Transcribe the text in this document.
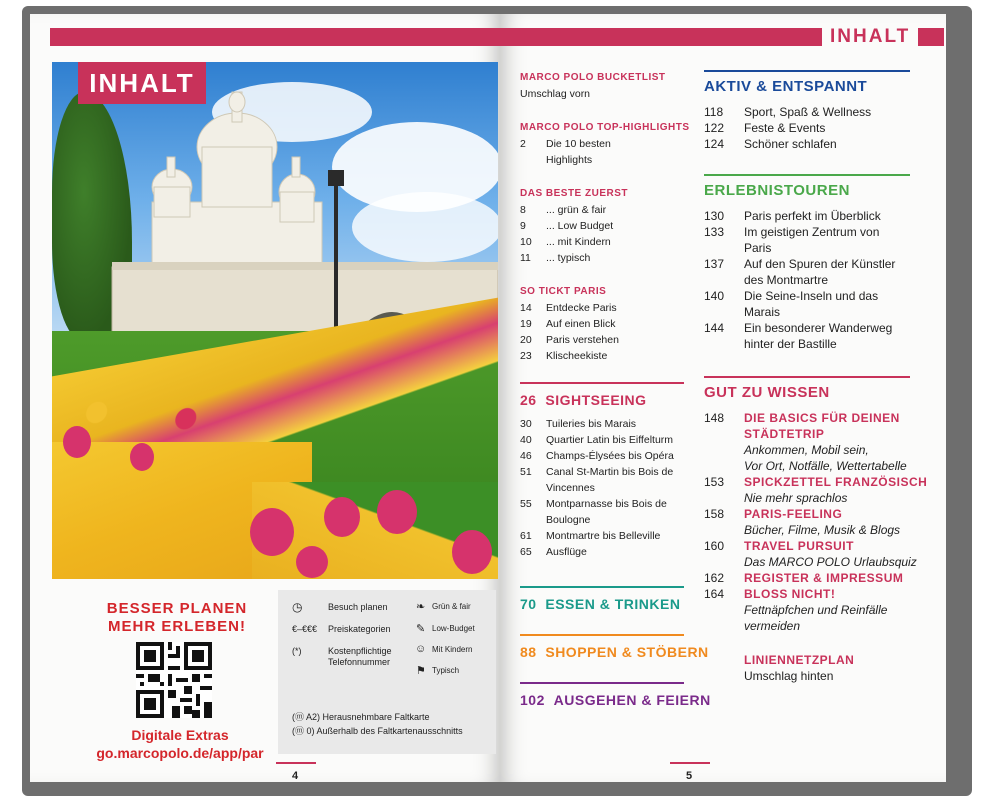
INHALT
BESSER PLANEN
MEHR ERLEBEN!
Digitale Extras
go.marcopolo.de/app/par
◷	Besuch planen
€–€€€ Preiskategorien
(*)	Kostenpflichtige Telefonnummer
❧ Grün & fair
✎ Low-Budget
☺ Mit Kindern
⚑ Typisch
(ⓜ A2) Herausnehmbare Faltkarte
(ⓜ 0) Außerhalb des Faltkartenausschnitts
4
INHALT
MARCO POLO BUCKETLIST
Umschlag vorn
MARCO POLO TOP-HIGHLIGHTS
2 Die 10 besten
Highlights
DAS BESTE ZUERST
8 ... grün & fair
9 ... Low Budget
10 ... mit Kindern
11 ... typisch
SO TICKT PARIS
14 Entdecke Paris
19 Auf einen Blick
20 Paris verstehen
23 Klischeekiste
26 SIGHTSEEING
30 Tuileries bis Marais
40 Quartier Latin bis Eiffelturm
46 Champs-Élysées bis Opéra
51 Canal St-Martin bis Bois de
Vincennes
55 Montparnasse bis Bois de
Boulogne
61 Montmartre bis Belleville
65 Ausflüge
70 ESSEN & TRINKEN
88 SHOPPEN & STÖBERN
102 AUSGEHEN & FEIERN
AKTIV & ENTSPANNT
118	Sport, Spaß & Wellness
122	Feste & Events
124	Schöner schlafen
ERLEBNISTOUREN
130	Paris perfekt im Überblick
133	Im geistigen Zentrum von
Paris
137	Auf den Spuren der Künstler
des Montmartre
140	Die Seine-Inseln und das
Marais
144	Ein besonderer Wanderweg
hinter der Bastille
GUT ZU WISSEN
148	DIE BASICS FÜR DEINEN
STÄDTETRIP
Ankommen, Mobil sein,
Vor Ort, Notfälle, Wettertabelle
153	SPICKZETTEL FRANZÖSISCH
Nie mehr sprachlos
158	PARIS-FEELING
Bücher, Filme, Musik & Blogs
160	TRAVEL PURSUIT
Das MARCO POLO Urlaubsquiz
162	REGISTER & IMPRESSUM
164	BLOSS NICHT!
Fettnäpfchen und Reinfälle
vermeiden
LINIENNETZPLAN
Umschlag hinten
5
